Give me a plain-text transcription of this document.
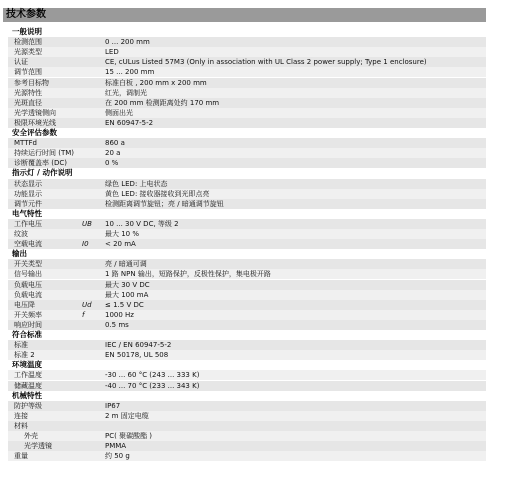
技术参数
一般说明
检测范围	0 ... 200 mm
光源类型	LED
认证	CE, cULus Listed 57M3 (Only in association with UL Class 2 power supply; Type 1 enclosure)
调节范围	15 ... 200 mm
参考目标物	标准白板 , 200 mm x 200 mm
光源特性	红光，调制光
光斑直径	在 200 mm 检测距离处约 170 mm
光学透镜侧向	侧面出光
极限环境光线	EN 60947-5-2
安全评估参数
MTTFd	860 a
持续运行时间 (TM)	20 a
诊断覆盖率 (DC)	0 %
指示灯 / 动作说明
状态显示	绿色 LED: 上电状态
功能显示	黄色 LED: 接收器接收到光即点亮
调节元件	检测距离调节旋钮；亮 / 暗通调节旋钮
电气特性
工作电压	UB 10 ... 30 V DC, 等级 2
纹波	最大 10 %
空载电流	I0 < 20 mA
输出
开关类型	亮 / 暗通可调
信号输出	1 路 NPN 输出，短路保护，反极性保护，集电极开路
负载电压	最大 30 V DC
负载电流	最大 100 mA
电压降	Ud ≤ 1.5 V DC
开关频率	f	1000 Hz
响应时间	0.5 ms
符合标准
标准	IEC / EN 60947-5-2
标准 2	EN 50178, UL 508
环境温度
工作温度	-30 ... 60 °C (243 ... 333 K)
储藏温度	-40 ... 70 °C (233 ... 343 K)
机械特性
防护等级	IP67
连接	2 m 固定电缆
材料
外壳	PC( 聚碳酸酯 )
光学透镜	PMMA
重量	约 50 g
